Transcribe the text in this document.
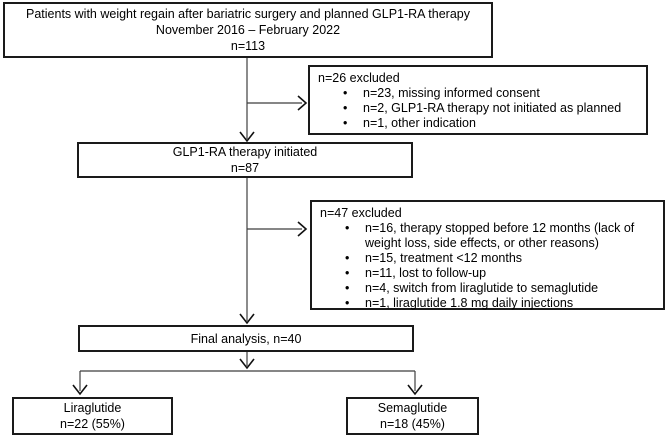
Patients with weight regain after bariatric surgery and planned GLP1-RA therapy
November 2016 – February 2022
n=113
n=26 excluded
• n=23, missing informed consent
• n=2, GLP1-RA therapy not initiated as planned
• n=1, other indication
GLP1-RA therapy initiated
n=87
n=47 excluded
• n=16, therapy stopped before 12 months (lack of weight loss, side effects, or other reasons)
• n=15, treatment <12 months
• n=11, lost to follow-up
• n=4, switch from liraglutide to semaglutide
• n=1, liraglutide 1.8 mg daily injections
Final analysis, n=40
Liraglutide
n=22 (55%)
Semaglutide
n=18 (45%)
